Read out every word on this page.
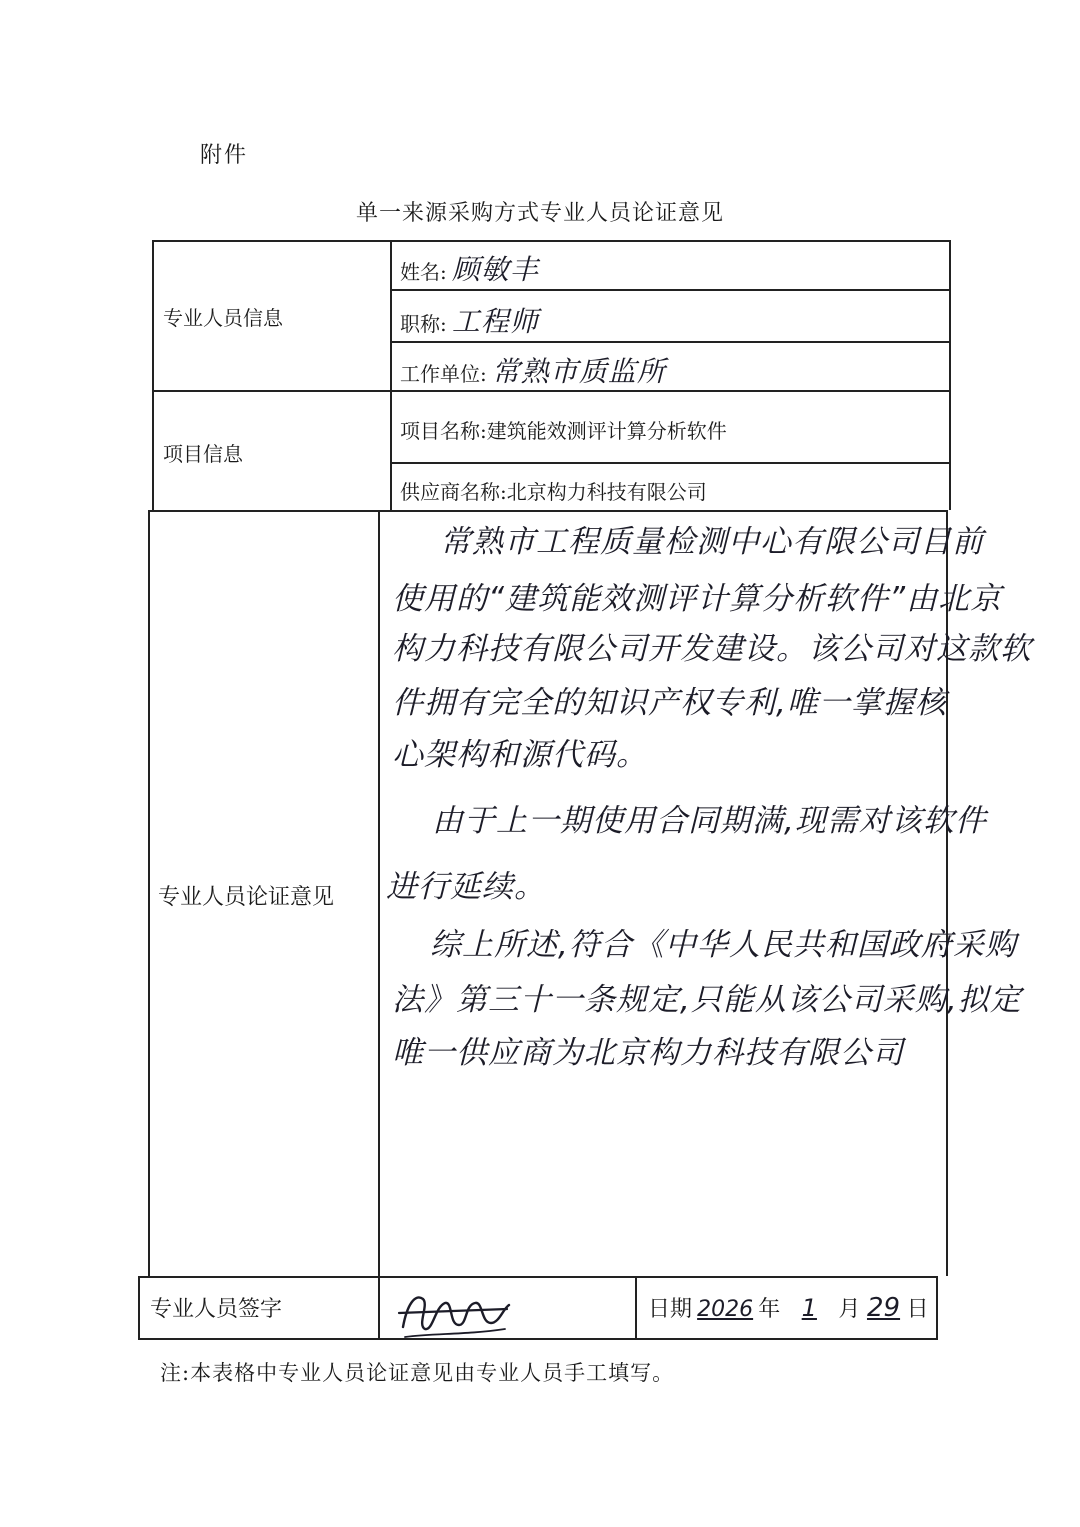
附件
单一来源采购方式专业人员论证意见
专业人员信息
姓名: 顾敏丰
职称: 工程师
工作单位: 常熟市质监所
项目信息
项目名称:建筑能效测评计算分析软件
供应商名称:北京构力科技有限公司
专业人员论证意见
常熟市工程质量检测中心有限公司目前
使用的“建筑能效测评计算分析软件”由北京
构力科技有限公司开发建设。该公司对这款软
件拥有完全的知识产权专利,唯一掌握核
心架构和源代码。
由于上一期使用合同期满,现需对该软件
进行延续。
综上所述,符合《中华人民共和国政府采购
法》第三十一条规定,只能从该公司采购,拟定
唯一供应商为北京构力科技有限公司
专业人员签字	日期 2026 年 1 月 29 日
注:本表格中专业人员论证意见由专业人员手工填写。
